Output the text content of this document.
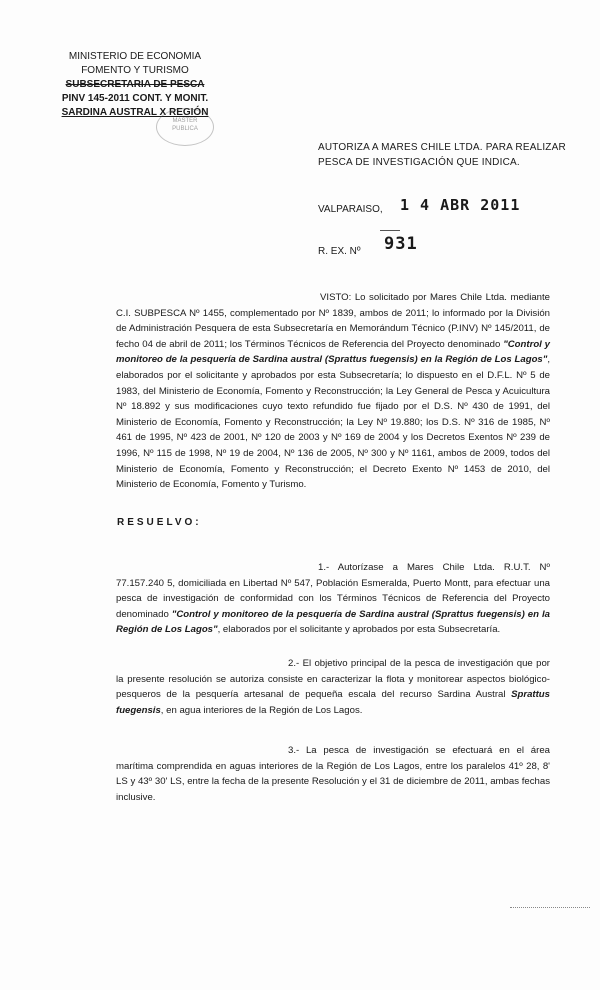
MINISTERIO DE ECONOMIA
FOMENTO Y TURISMO
SUBSECRETARIA DE PESCA
PINV 145-2011 CONT. Y MONIT.
SARDINA AUSTRAL X REGIÓN
MASTER
PUBLICA
AUTORIZA A MARES CHILE LTDA. PARA REALIZAR
PESCA DE INVESTIGACIÓN QUE INDICA.
VALPARAISO, 1 4 ABR 2011
R. EX. Nº 931
VISTO: Lo solicitado por Mares Chile Ltda. mediante C.I. SUBPESCA Nº 1455, complementado por Nº 1839, ambos de 2011; lo informado por la División de Administración Pesquera de esta Subsecretaría en Memorándum Técnico (P.INV) Nº 145/2011, de fecho 04 de abril de 2011; los Términos Técnicos de Referencia del Proyecto denominado "Control y monitoreo de la pesquería de Sardina austral (Sprattus fuegensis) en la Región de Los Lagos", elaborados por el solicitante y aprobados por esta Subsecretaría; lo dispuesto en el D.F.L. Nº 5 de 1983, del Ministerio de Economía, Fomento y Reconstrucción; la Ley General de Pesca y Acuicultura Nº 18.892 y sus modificaciones cuyo texto refundido fue fijado por el D.S. Nº 430 de 1991, del Ministerio de Economía, Fomento y Reconstrucción; la Ley Nº 19.880; los D.S. Nº 316 de 1985, Nº 461 de 1995, Nº 423 de 2001, Nº 120 de 2003 y Nº 169 de 2004 y los Decretos Exentos Nº 239 de 1996, Nº 115 de 1998, Nº 19 de 2004, Nº 136 de 2005, Nº 300 y Nº 1161, ambos de 2009, todos del Ministerio de Economía, Fomento y Reconstrucción; el Decreto Exento Nº 1453 de 2010, del Ministerio de Economía, Fomento y Turismo.
RESUELVO:
1.- Autorízase a Mares Chile Ltda. R.U.T. Nº 77.157.240 5, domiciliada en Libertad Nº 547, Población Esmeralda, Puerto Montt, para efectuar una pesca de investigación de conformidad con los Términos Técnicos de Referencia del Proyecto denominado "Control y monitoreo de la pesquería de Sardina austral (Sprattus fuegensis) en la Región de Los Lagos", elaborados por el solicitante y aprobados por esta Subsecretaría.
2.- El objetivo principal de la pesca de investigación que por la presente resolución se autoriza consiste en caracterizar la flota y monitorear aspectos biológico-pesqueros de la pesquería artesanal de pequeña escala del recurso Sardina Austral Sprattus fuegensis, en agua interiores de la Región de Los Lagos.
3.- La pesca de investigación se efectuará en el área marítima comprendida en aguas interiores de la Región de Los Lagos, entre los paralelos 41º 28, 8' LS y 43º 30' LS, entre la fecha de la presente Resolución y el 31 de diciembre de 2011, ambas fechas inclusive.
